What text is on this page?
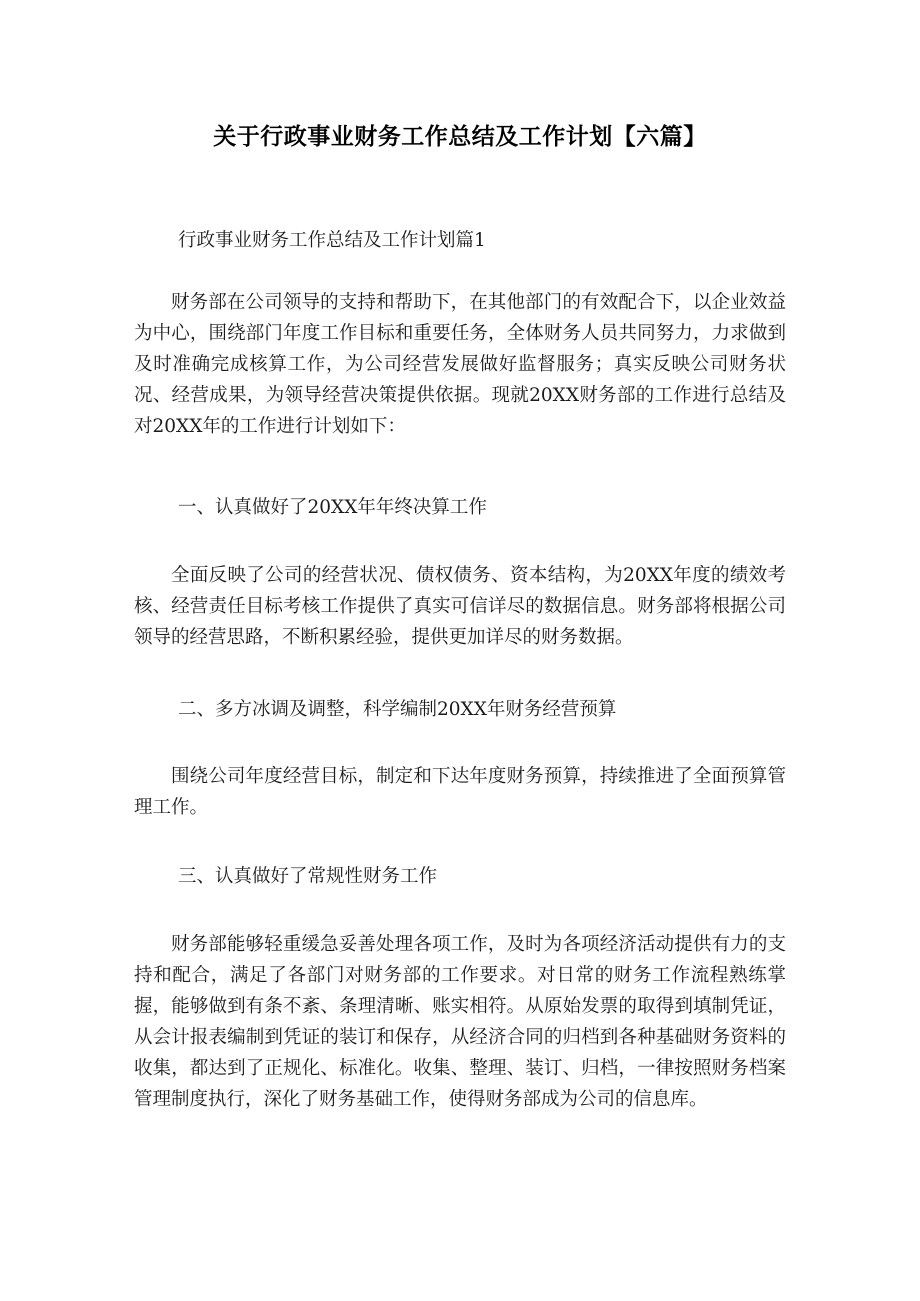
关于行政事业财务工作总结及工作计划【六篇】
行政事业财务工作总结及工作计划篇1

财务部在公司领导的支持和帮助下，在其他部门的有效配合下，以企业效益为中心，围绕部门年度工作目标和重要任务，全体财务人员共同努力，力求做到及时准确完成核算工作，为公司经营发展做好监督服务；真实反映公司财务状况、经营成果，为领导经营决策提供依据。现就20XX财务部的工作进行总结及对20XX年的工作进行计划如下：

一、认真做好了20XX年年终决算工作

全面反映了公司的经营状况、债权债务、资本结构，为20XX年度的绩效考核、经营责任目标考核工作提供了真实可信详尽的数据信息。财务部将根据公司领导的经营思路，不断积累经验，提供更加详尽的财务数据。

二、多方冰调及调整，科学编制20XX年财务经营预算

围绕公司年度经营目标，制定和下达年度财务预算，持续推进了全面预算管理工作。

三、认真做好了常规性财务工作

财务部能够轻重缓急妥善处理各项工作，及时为各项经济活动提供有力的支持和配合，满足了各部门对财务部的工作要求。对日常的财务工作流程熟练掌握，能够做到有条不紊、条理清晰、账实相符。从原始发票的取得到填制凭证，从会计报表编制到凭证的装订和保存，从经济合同的归档到各种基础财务资料的收集，都达到了正规化、标准化。收集、整理、装订、归档，一律按照财务档案管理制度执行，深化了财务基础工作，使得财务部成为公司的信息库。
